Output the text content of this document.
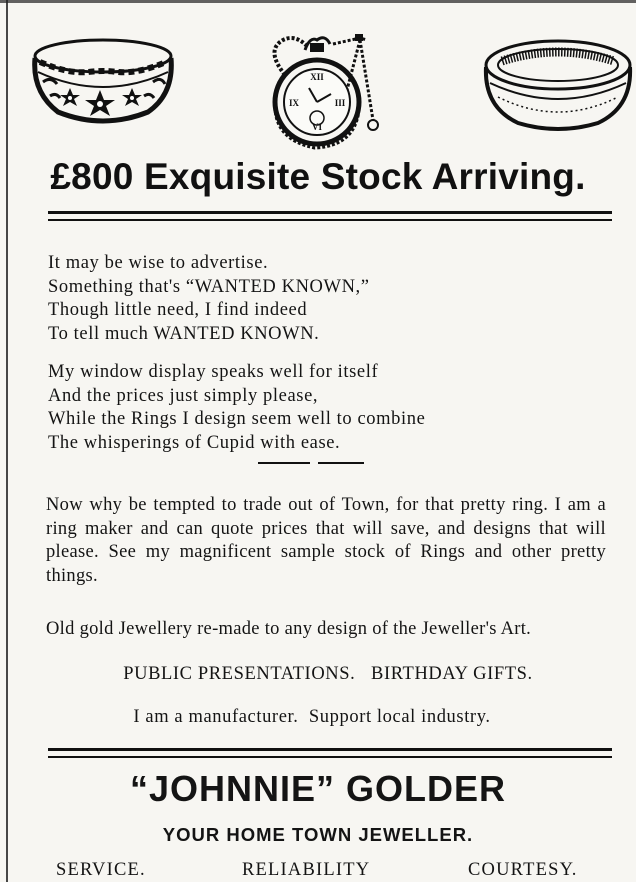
XII
III
VI
IX
£800 Exquisite Stock Arriving.
It may be wise to advertise.
Something that's “WANTED KNOWN,”
Though little need, I find indeed
To tell much WANTED KNOWN.
My window display speaks well for itself
And the prices just simply please,
While the Rings I design seem well to combine
The whisperings of Cupid with ease.
Now why be tempted to trade out of Town, for that pretty ring. I am a ring maker and can quote prices that will save, and designs that will please. See my magnificent sample stock of Rings and other pretty things.
Old gold Jewellery re-made to any design of the Jeweller's Art.
PUBLIC PRESENTATIONS.   BIRTHDAY GIFTS.
I am a manufacturer.  Support local industry.
“JOHNNIE” GOLDER
YOUR HOME TOWN JEWELLER.
SERVICE.	RELIABILITY	COURTESY.
